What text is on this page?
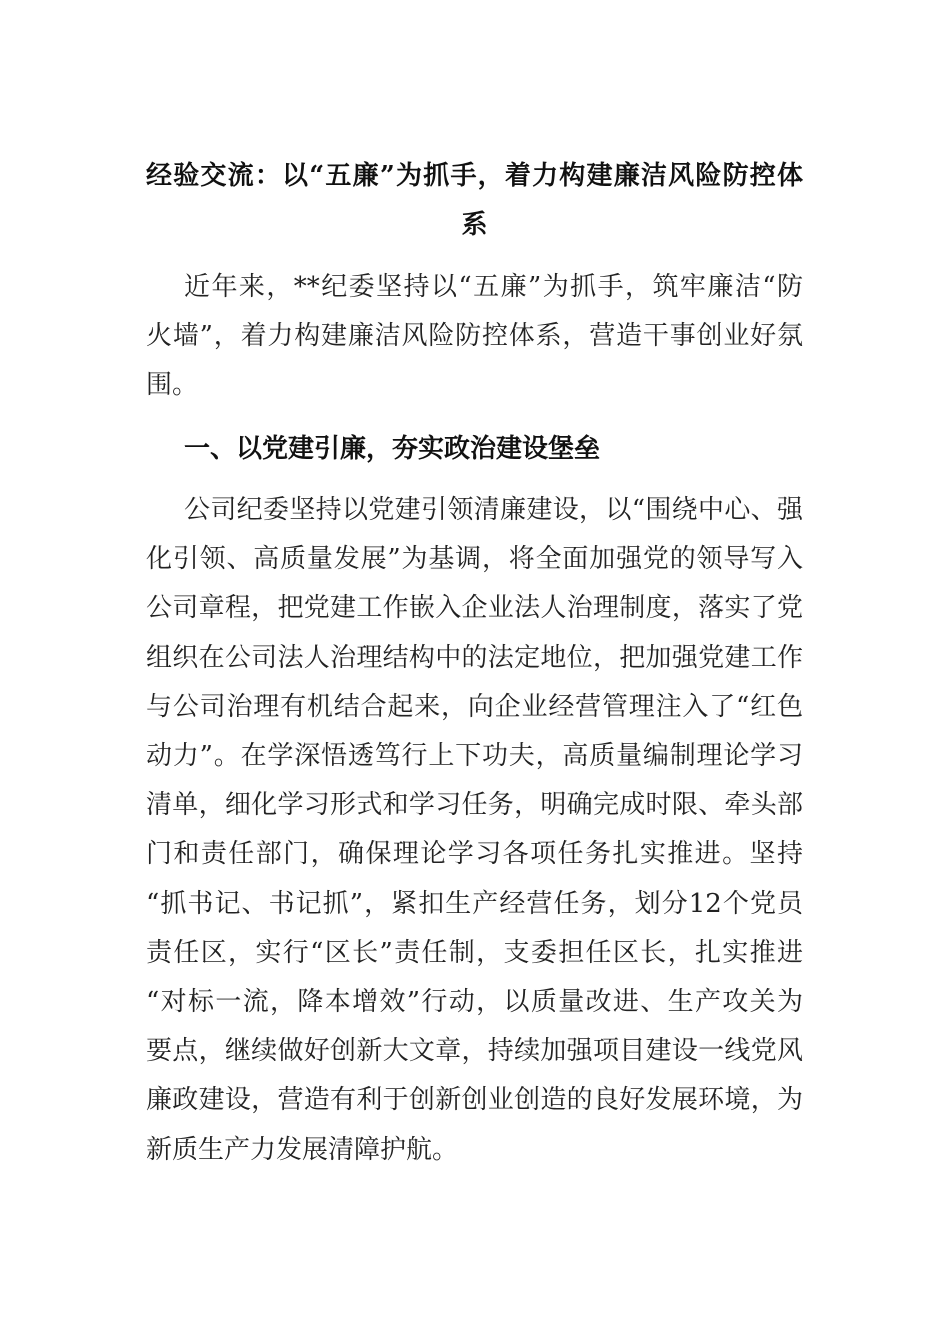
经验交流：以“五廉”为抓手，着力构建廉洁风险防控体
系
近年来，**纪委坚持以“五廉”为抓手，筑牢廉洁“防
火墙”，着力构建廉洁风险防控体系，营造干事创业好氛
围。
一、以党建引廉，夯实政治建设堡垒
公司纪委坚持以党建引领清廉建设，以“围绕中心、强
化引领、高质量发展”为基调，将全面加强党的领导写入
公司章程，把党建工作嵌入企业法人治理制度，落实了党
组织在公司法人治理结构中的法定地位，把加强党建工作
与公司治理有机结合起来，向企业经营管理注入了“红色
动力”。在学深悟透笃行上下功夫，高质量编制理论学习
清单，细化学习形式和学习任务，明确完成时限、牵头部
门和责任部门，确保理论学习各项任务扎实推进。坚持
“抓书记、书记抓”，紧扣生产经营任务，划分12个党员
责任区，实行“区长”责任制，支委担任区长，扎实推进
“对标一流，降本增效”行动，以质量改进、生产攻关为
要点，继续做好创新大文章，持续加强项目建设一线党风
廉政建设，营造有利于创新创业创造的良好发展环境，为
新质生产力发展清障护航。
